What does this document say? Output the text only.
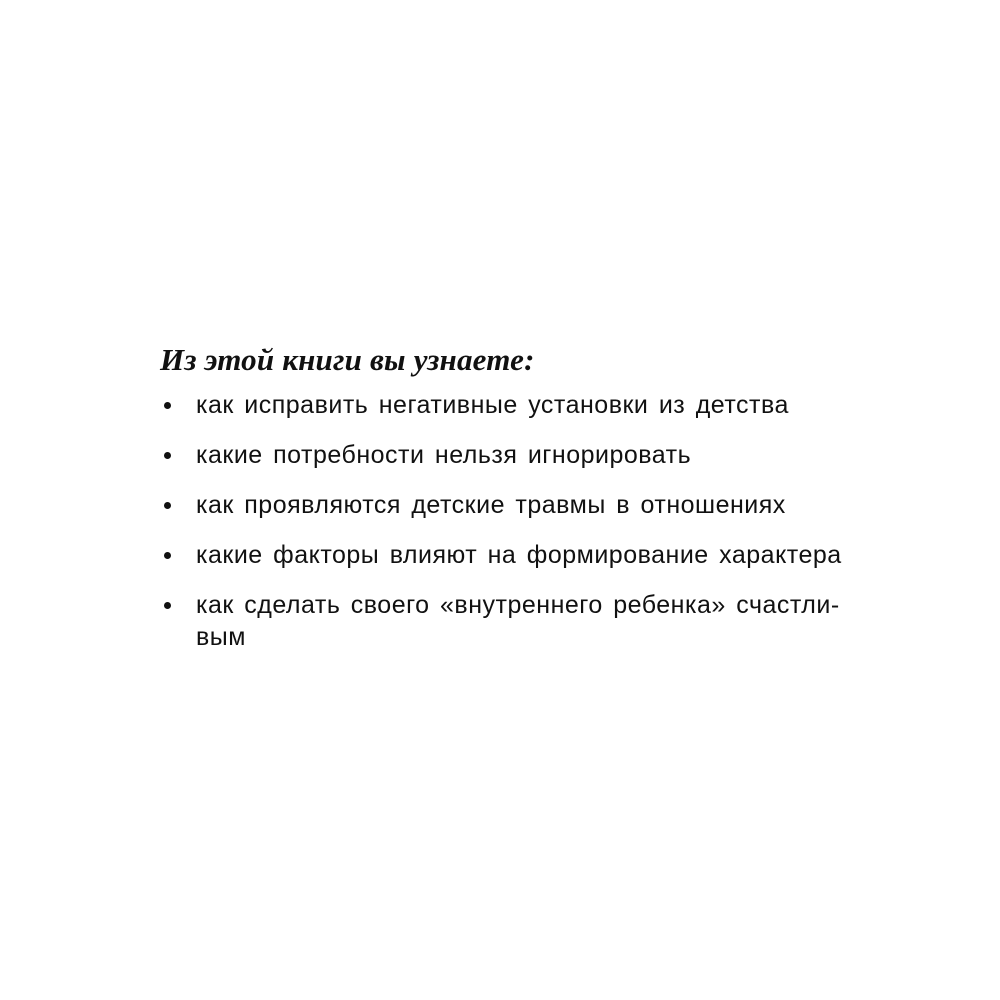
Из этой книги вы узнаете:
как исправить негативные установки из детства
какие потребности нельзя игнорировать
как проявляются детские травмы в отношениях
какие факторы влияют на формирование характера
как сделать своего «внутреннего ребенка» счастли-
вым
